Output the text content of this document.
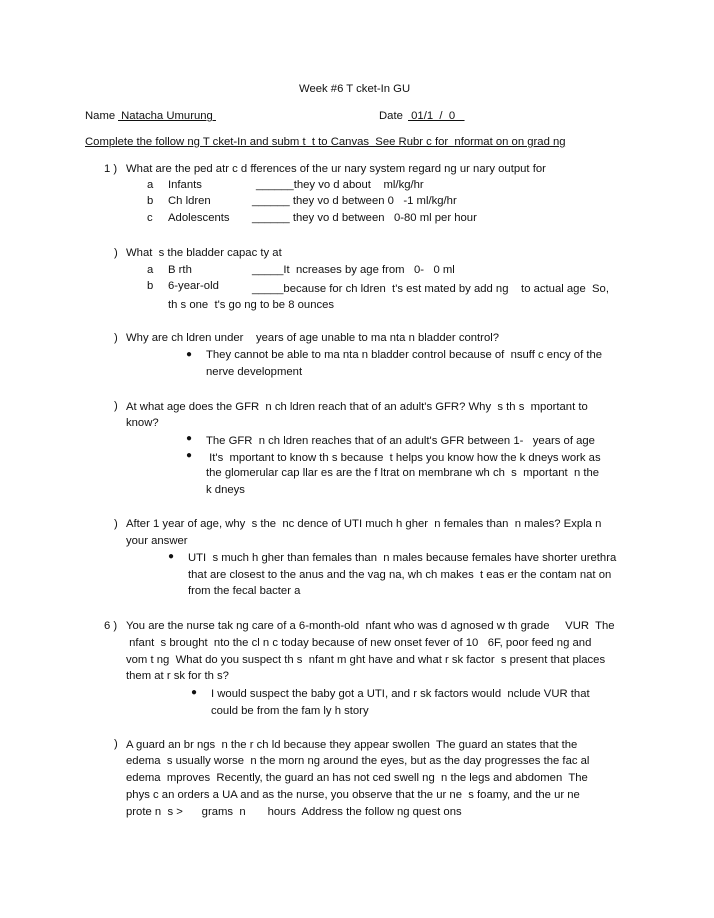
Week #6 T cket-In GU
Name Natacha Umurung	Date 01/1  /  0
Complete the follow ng T cket-In and subm t  t to Canvas  See Rubr c for  nformat on on grad ng
1 ) What are the ped atr c d fferences of the ur nary system regard ng ur nary output for
a Infants	______they vo d about    ml/kg/hr
b Ch ldren	______ they vo d between 0   -1 ml/kg/hr
c Adolescents ______ they vo d between   0-80 ml per hour
) What  s the bladder capac ty at
a B rth	_____It  ncreases by age from   0-   0 ml
b 6-year-old	_____because for ch ldren  t's est mated by add ng    to actual age  So,
th s one  t's go ng to be 8 ounces
) Why are ch ldren under    years of age unable to ma nta n bladder control?
● They cannot be able to ma nta n bladder control because of  nsuff c ency of the
nerve development
) At what age does the GFR  n ch ldren reach that of an adult's GFR? Why  s th s  mportant to
know?
● The GFR  n ch ldren reaches that of an adult's GFR between 1-   years of age
● It's  mportant to know th s because  t helps you know how the k dneys work as
the glomerular cap llar es are the f ltrat on membrane wh ch  s  mportant  n the
k dneys
) After 1 year of age, why  s the  nc dence of UTI much h gher  n females than  n males? Expla n
your answer
● UTI  s much h gher than females than  n males because females have shorter urethra
that are closest to the anus and the vag na, wh ch makes  t eas er the contam nat on
from the fecal bacter a
6 ) You are the nurse tak ng care of a 6-month-old  nfant who was d agnosed w th grade     VUR  The
nfant  s brought  nto the cl n c today because of new onset fever of 10   6F, poor feed ng and
vom t ng  What do you suspect th s  nfant m ght have and what r sk factor  s present that places
them at r sk for th s?
● I would suspect the baby got a UTI, and r sk factors would  nclude VUR that
could be from the fam ly h story
) A guard an br ngs  n the r ch ld because they appear swollen  The guard an states that the
edema  s usually worse  n the morn ng around the eyes, but as the day progresses the fac al
edema  mproves  Recently, the guard an has not ced swell ng  n the legs and abdomen  The
phys c an orders a UA and as the nurse, you observe that the ur ne  s foamy, and the ur ne
prote n  s >      grams  n       hours  Address the follow ng quest ons
